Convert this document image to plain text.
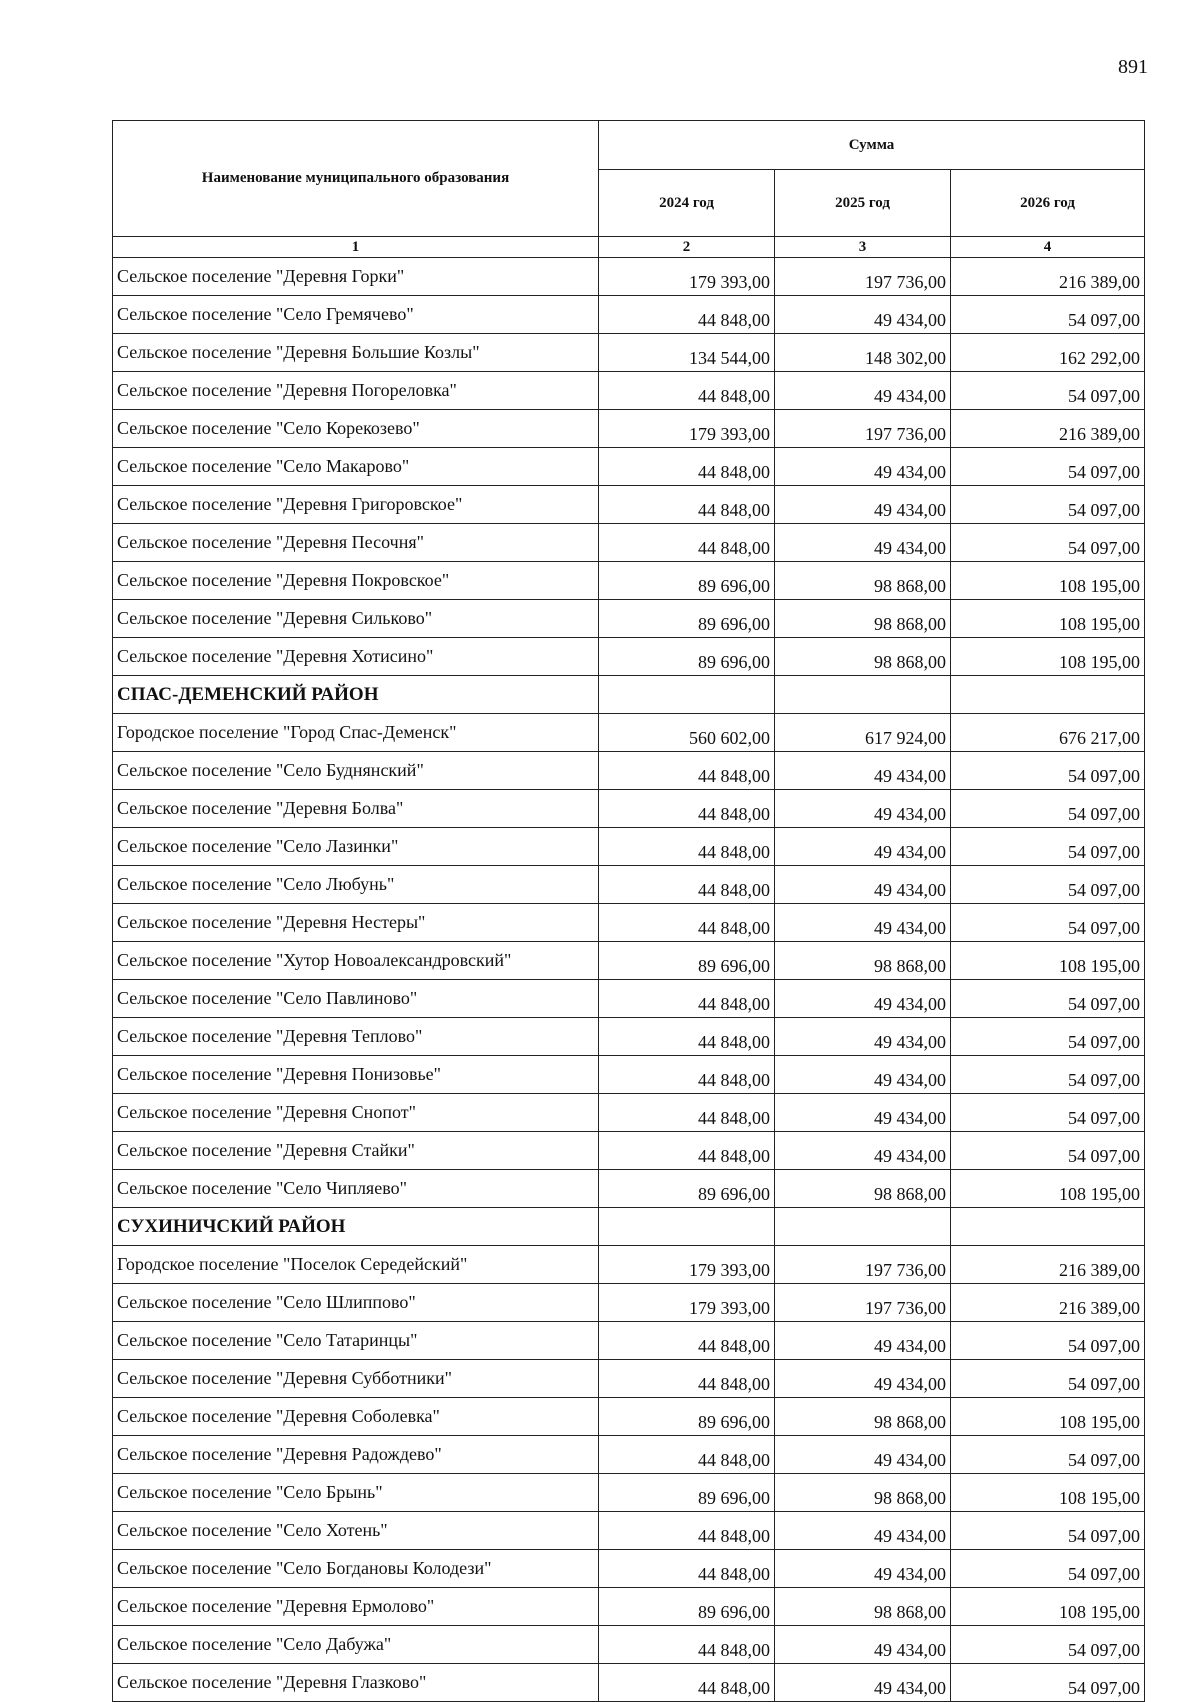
891
Наименование муниципального образования	Сумма		
	2024 год	2025 год	2026 год
1	2	3	4
Сельское поселение "Деревня Горки"	179 393,00	197 736,00	216 389,00
Сельское поселение "Село Гремячево"	44 848,00	49 434,00	54 097,00
Сельское поселение "Деревня Большие Козлы"	134 544,00	148 302,00	162 292,00
Сельское поселение "Деревня Погореловка"	44 848,00	49 434,00	54 097,00
Сельское поселение "Село Корекозево"	179 393,00	197 736,00	216 389,00
Сельское поселение "Село Макарово"	44 848,00	49 434,00	54 097,00
Сельское поселение "Деревня Григоровское"	44 848,00	49 434,00	54 097,00
Сельское поселение "Деревня Песочня"	44 848,00	49 434,00	54 097,00
Сельское поселение "Деревня Покровское"	89 696,00	98 868,00	108 195,00
Сельское поселение "Деревня Сильково"	89 696,00	98 868,00	108 195,00
Сельское поселение "Деревня Хотисино"	89 696,00	98 868,00	108 195,00
СПАС-ДЕМЕНСКИЙ РАЙОН			
Городское поселение "Город Спас-Деменск"	560 602,00	617 924,00	676 217,00
Сельское поселение "Село Буднянский"	44 848,00	49 434,00	54 097,00
Сельское поселение "Деревня Болва"	44 848,00	49 434,00	54 097,00
Сельское поселение "Село Лазинки"	44 848,00	49 434,00	54 097,00
Сельское поселение "Село Любунь"	44 848,00	49 434,00	54 097,00
Сельское поселение "Деревня Нестеры"	44 848,00	49 434,00	54 097,00
Сельское поселение "Хутор Новоалександровский"	89 696,00	98 868,00	108 195,00
Сельское поселение "Село Павлиново"	44 848,00	49 434,00	54 097,00
Сельское поселение "Деревня Теплово"	44 848,00	49 434,00	54 097,00
Сельское поселение "Деревня Понизовье"	44 848,00	49 434,00	54 097,00
Сельское поселение "Деревня Снопот"	44 848,00	49 434,00	54 097,00
Сельское поселение "Деревня Стайки"	44 848,00	49 434,00	54 097,00
Сельское поселение "Село Чипляево"	89 696,00	98 868,00	108 195,00
СУХИНИЧСКИЙ РАЙОН			
Городское поселение "Поселок Середейский"	179 393,00	197 736,00	216 389,00
Сельское поселение "Село Шлиппово"	179 393,00	197 736,00	216 389,00
Сельское поселение "Село Татаринцы"	44 848,00	49 434,00	54 097,00
Сельское поселение "Деревня Субботники"	44 848,00	49 434,00	54 097,00
Сельское поселение "Деревня Соболевка"	89 696,00	98 868,00	108 195,00
Сельское поселение "Деревня Радождево"	44 848,00	49 434,00	54 097,00
Сельское поселение "Село Брынь"	89 696,00	98 868,00	108 195,00
Сельское поселение "Село Хотень"	44 848,00	49 434,00	54 097,00
Сельское поселение "Село Богдановы Колодези"	44 848,00	49 434,00	54 097,00
Сельское поселение "Деревня Ермолово"	89 696,00	98 868,00	108 195,00
Сельское поселение "Село Дабужа"	44 848,00	49 434,00	54 097,00
Сельское поселение "Деревня Глазково"	44 848,00	49 434,00	54 097,00
